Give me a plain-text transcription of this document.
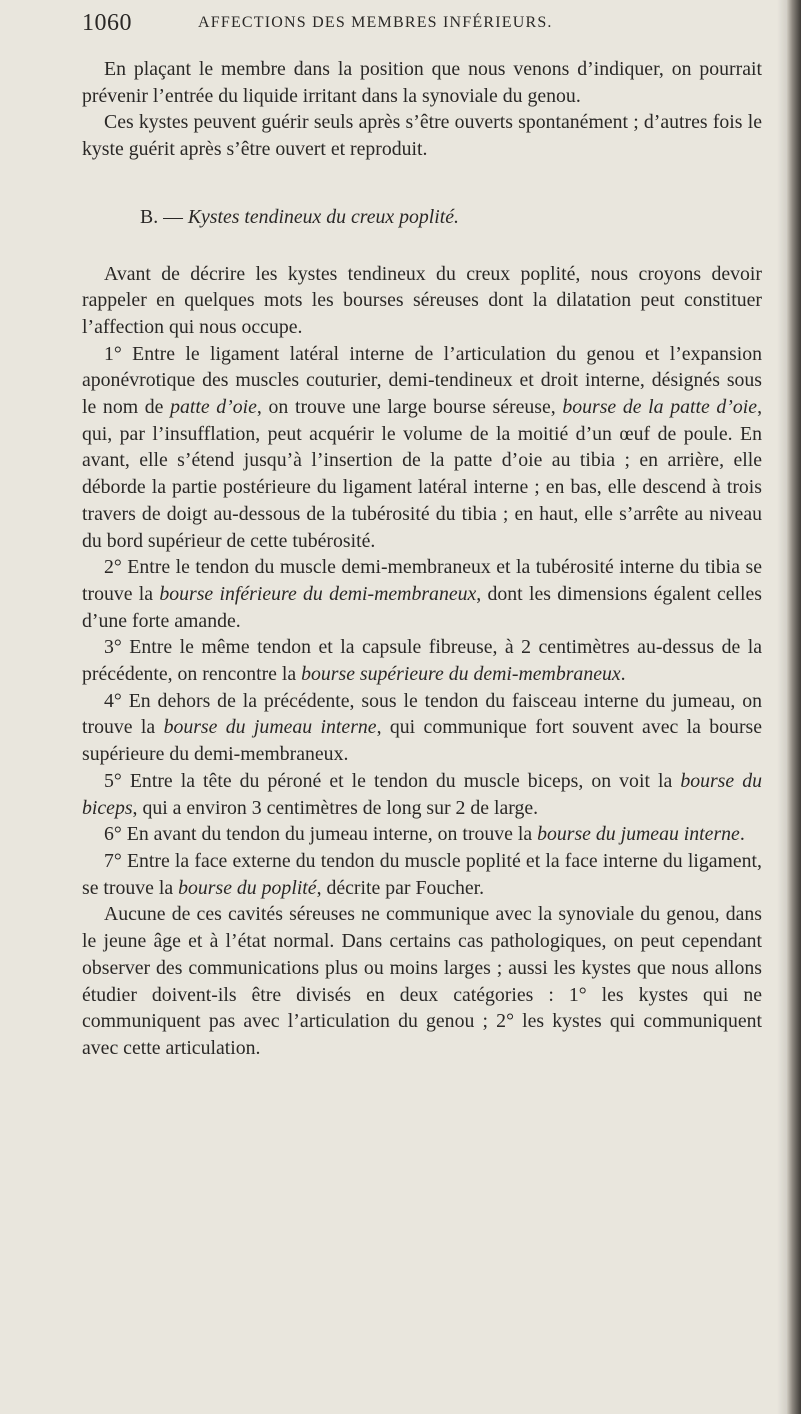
1060	AFFECTIONS DES MEMBRES INFÉRIEURS.

En plaçant le membre dans la position que nous venons d’indiquer, on pourrait prévenir l’entrée du liquide irritant dans la synoviale du genou.

Ces kystes peuvent guérir seuls après s’être ouverts spontanément ; d’autres fois le kyste guérit après s’être ouvert et reproduit.

B. — Kystes tendineux du creux poplité.

Avant de décrire les kystes tendineux du creux poplité, nous croyons devoir rappeler en quelques mots les bourses séreuses dont la dilatation peut constituer l’affection qui nous occupe.

1° Entre le ligament latéral interne de l’articulation du genou et l’expansion aponévrotique des muscles couturier, demi-tendineux et droit interne, désignés sous le nom de patte d’oie, on trouve une large bourse séreuse, bourse de la patte d’oie, qui, par l’insufflation, peut acquérir le volume de la moitié d’un œuf de poule. En avant, elle s’étend jusqu’à l’insertion de la patte d’oie au tibia ; en arrière, elle déborde la partie postérieure du ligament latéral interne ; en bas, elle descend à trois travers de doigt au-dessous de la tubérosité du tibia ; en haut, elle s’arrête au niveau du bord supérieur de cette tubérosité.

2° Entre le tendon du muscle demi-membraneux et la tubérosité interne du tibia se trouve la bourse inférieure du demi-membraneux, dont les dimensions égalent celles d’une forte amande.

3° Entre le même tendon et la capsule fibreuse, à 2 centimètres au-dessus de la précédente, on rencontre la bourse supérieure du demi-membraneux.

4° En dehors de la précédente, sous le tendon du faisceau interne du jumeau, on trouve la bourse du jumeau interne, qui communique fort souvent avec la bourse supérieure du demi-membraneux.

5° Entre la tête du péroné et le tendon du muscle biceps, on voit la bourse du biceps, qui a environ 3 centimètres de long sur 2 de large.

6° En avant du tendon du jumeau interne, on trouve la bourse du jumeau interne.

7° Entre la face externe du tendon du muscle poplité et la face interne du ligament, se trouve la bourse du poplité, décrite par Foucher.

Aucune de ces cavités séreuses ne communique avec la synoviale du genou, dans le jeune âge et à l’état normal. Dans certains cas pathologiques, on peut cependant observer des communications plus ou moins larges ; aussi les kystes que nous allons étudier doivent-ils être divisés en deux catégories : 1° les kystes qui ne communiquent pas avec l’articulation du genou ; 2° les kystes qui communiquent avec cette articulation.
